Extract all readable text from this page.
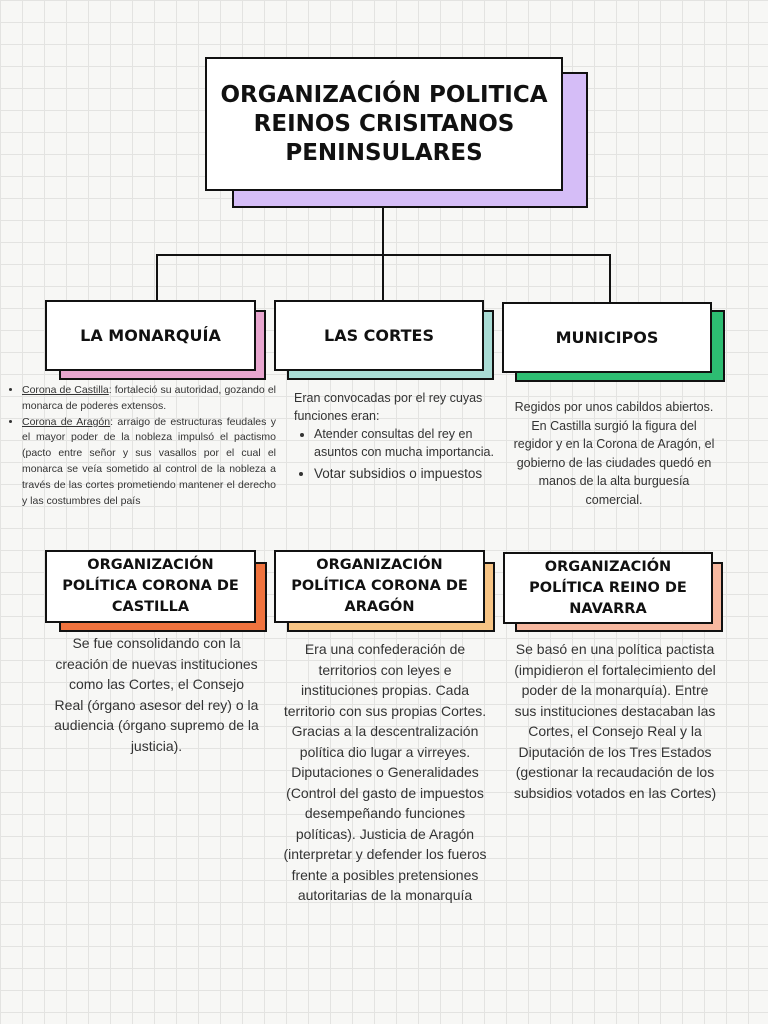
ORGANIZACIÓN POLITICA
REINOS CRISITANOS
PENINSULARES
LA MONARQUÍA	LAS CORTES	MUNICIPOS
• Corona de Castilla: fortaleció su autoridad, gozando el monarca de poderes extensos.
• Corona de Aragón: arraigo de estructuras feudales y el mayor poder de la nobleza impulsó el pactismo (pacto entre señor y sus vasallos por el cual el monarca se veía sometido al control de la nobleza a través de las cortes prometiendo mantener el derecho y las costumbres del país
Eran convocadas por el rey cuyas funciones eran:
• Atender consultas del rey en asuntos con mucha importancia.
• Votar subsidios o impuestos
Regidos por unos cabildos abiertos. En Castilla surgió la figura del regidor y en la Corona de Aragón, el gobierno de las ciudades quedó en manos de la alta burguesía comercial.
ORGANIZACIÓN
POLÍTICA CORONA DE
CASTILLA
ORGANIZACIÓN
POLÍTICA CORONA DE
ARAGÓN
ORGANIZACIÓN
POLÍTICA REINO DE
NAVARRA
Se fue consolidando con la creación de nuevas instituciones como las Cortes, el Consejo Real (órgano asesor del rey) o la audiencia (órgano supremo de la justicia).
Era una confederación de territorios con leyes e instituciones propias. Cada territorio con sus propias Cortes. Gracias a la descentralización política dio lugar a virreyes. Diputaciones o Generalidades (Control del gasto de impuestos desempeñando funciones políticas). Justicia de Aragón (interpretar y defender los fueros frente a posibles pretensiones autoritarias de la monarquía
Se basó en una política pactista (impidieron el fortalecimiento del poder de la monarquía). Entre sus instituciones destacaban las Cortes, el Consejo Real y la Diputación de los Tres Estados (gestionar la recaudación de los subsidios votados en las Cortes)
